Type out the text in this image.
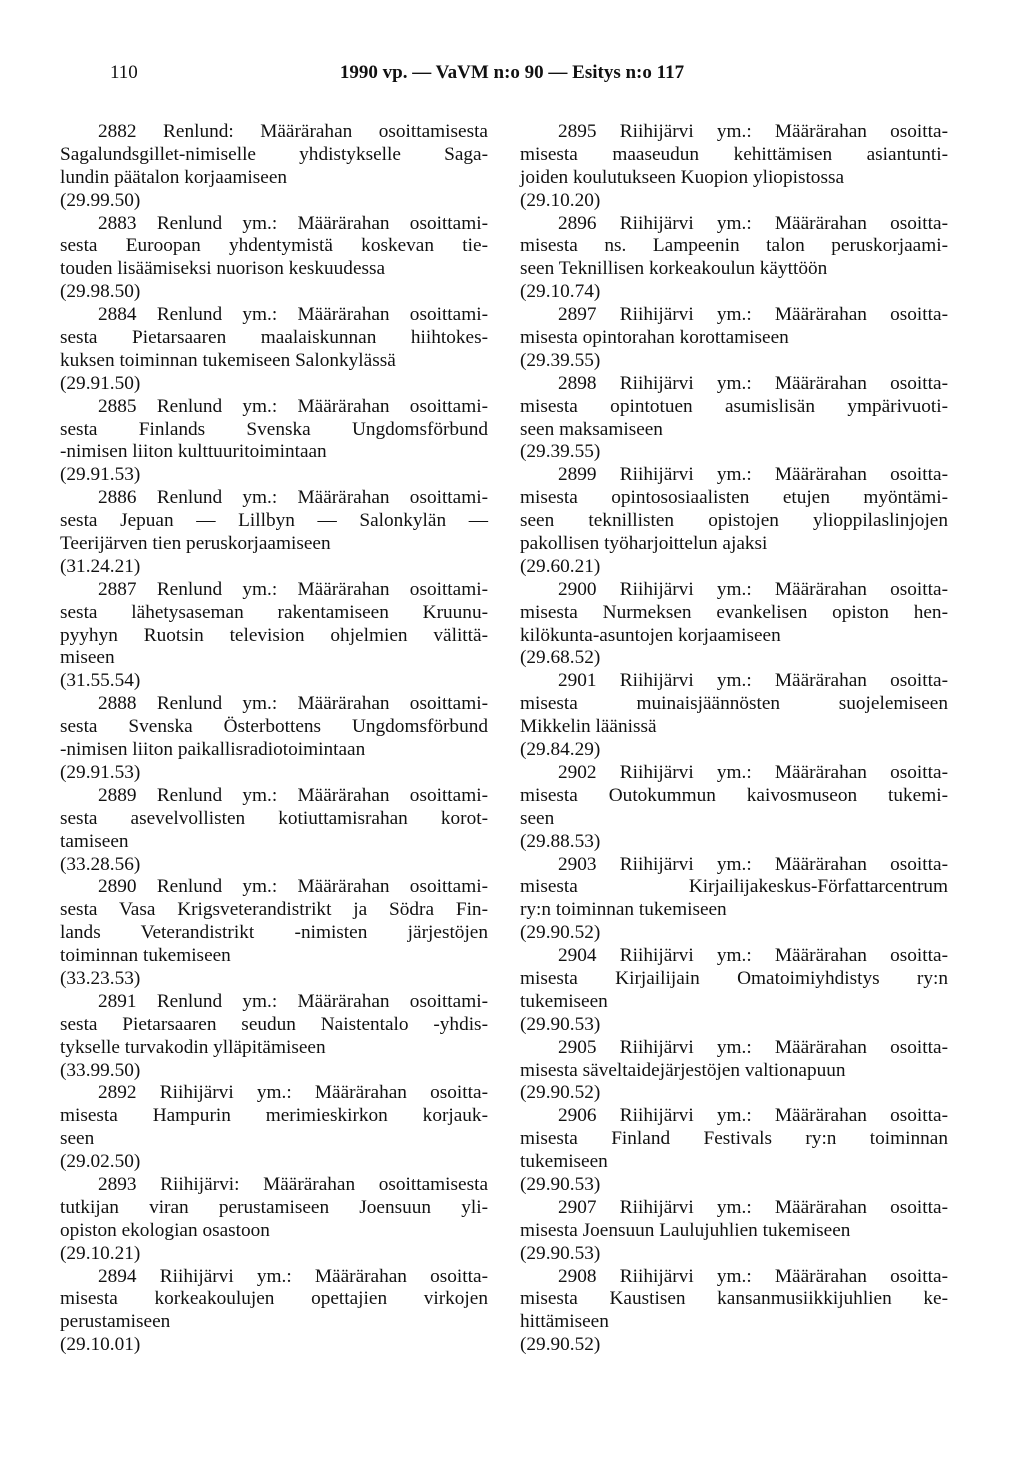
110	1990 vp. — VaVM n:o 90 — Esitys n:o 117
2882 Renlund: Määrärahan osoittamisesta
Sagalundsgillet-nimiselle yhdistykselle Saga-
lundin päätalon korjaamiseen
(29.99.50)
2883 Renlund ym.: Määrärahan osoittami-
sesta Euroopan yhdentymistä koskevan tie-
touden lisäämiseksi nuorison keskuudessa
(29.98.50)
2884 Renlund ym.: Määrärahan osoittami-
sesta Pietarsaaren maalaiskunnan hiihtokes-
kuksen toiminnan tukemiseen Salonkylässä
(29.91.50)
2885 Renlund ym.: Määrärahan osoittami-
sesta Finlands Svenska Ungdomsförbund
-nimisen liiton kulttuuritoimintaan
(29.91.53)
2886 Renlund ym.: Määrärahan osoittami-
sesta Jepuan — Lillbyn — Salonkylän —
Teerijärven tien peruskorjaamiseen
(31.24.21)
2887 Renlund ym.: Määrärahan osoittami-
sesta lähetysaseman rakentamiseen Kruunu-
pyyhyn Ruotsin television ohjelmien välittä-
miseen
(31.55.54)
2888 Renlund ym.: Määrärahan osoittami-
sesta Svenska Österbottens Ungdomsförbund
-nimisen liiton paikallisradiotoimintaan
(29.91.53)
2889 Renlund ym.: Määrärahan osoittami-
sesta asevelvollisten kotiuttamisrahan korot-
tamiseen
(33.28.56)
2890 Renlund ym.: Määrärahan osoittami-
sesta Vasa Krigsveterandistrikt ja Södra Fin-
lands Veterandistrikt -nimisten järjestöjen
toiminnan tukemiseen
(33.23.53)
2891 Renlund ym.: Määrärahan osoittami-
sesta Pietarsaaren seudun Naistentalo -yhdis-
tykselle turvakodin ylläpitämiseen
(33.99.50)
2892 Riihijärvi ym.: Määrärahan osoitta-
misesta Hampurin merimieskirkon korjauk-
seen
(29.02.50)
2893 Riihijärvi: Määrärahan osoittamisesta
tutkijan viran perustamiseen Joensuun yli-
opiston ekologian osastoon
(29.10.21)
2894 Riihijärvi ym.: Määrärahan osoitta-
misesta korkeakoulujen opettajien virkojen
perustamiseen
(29.10.01)
2895 Riihijärvi ym.: Määrärahan osoitta-
misesta maaseudun kehittämisen asiantunti-
joiden koulutukseen Kuopion yliopistossa
(29.10.20)
2896 Riihijärvi ym.: Määrärahan osoitta-
misesta ns. Lampeenin talon peruskorjaami-
seen Teknillisen korkeakoulun käyttöön
(29.10.74)
2897 Riihijärvi ym.: Määrärahan osoitta-
misesta opintorahan korottamiseen
(29.39.55)
2898 Riihijärvi ym.: Määrärahan osoitta-
misesta opintotuen asumislisän ympärivuoti-
seen maksamiseen
(29.39.55)
2899 Riihijärvi ym.: Määrärahan osoitta-
misesta opintososiaalisten etujen myöntämi-
seen teknillisten opistojen ylioppilaslinjojen
pakollisen työharjoittelun ajaksi
(29.60.21)
2900 Riihijärvi ym.: Määrärahan osoitta-
misesta Nurmeksen evankelisen opiston hen-
kilökunta-asuntojen korjaamiseen
(29.68.52)
2901 Riihijärvi ym.: Määrärahan osoitta-
misesta muinaisjäännösten suojelemiseen
Mikkelin läänissä
(29.84.29)
2902 Riihijärvi ym.: Määrärahan osoitta-
misesta Outokummun kaivosmuseon tukemi-
seen
(29.88.53)
2903 Riihijärvi ym.: Määrärahan osoitta-
misesta Kirjailijakeskus-Författarcentrum
ry:n toiminnan tukemiseen
(29.90.52)
2904 Riihijärvi ym.: Määrärahan osoitta-
misesta Kirjailijain Omatoimiyhdistys ry:n
tukemiseen
(29.90.53)
2905 Riihijärvi ym.: Määrärahan osoitta-
misesta säveltaidejärjestöjen valtionapuun
(29.90.52)
2906 Riihijärvi ym.: Määrärahan osoitta-
misesta Finland Festivals ry:n toiminnan
tukemiseen
(29.90.53)
2907 Riihijärvi ym.: Määrärahan osoitta-
misesta Joensuun Laulujuhlien tukemiseen
(29.90.53)
2908 Riihijärvi ym.: Määrärahan osoitta-
misesta Kaustisen kansanmusiikkijuhlien ke-
hittämiseen
(29.90.52)
